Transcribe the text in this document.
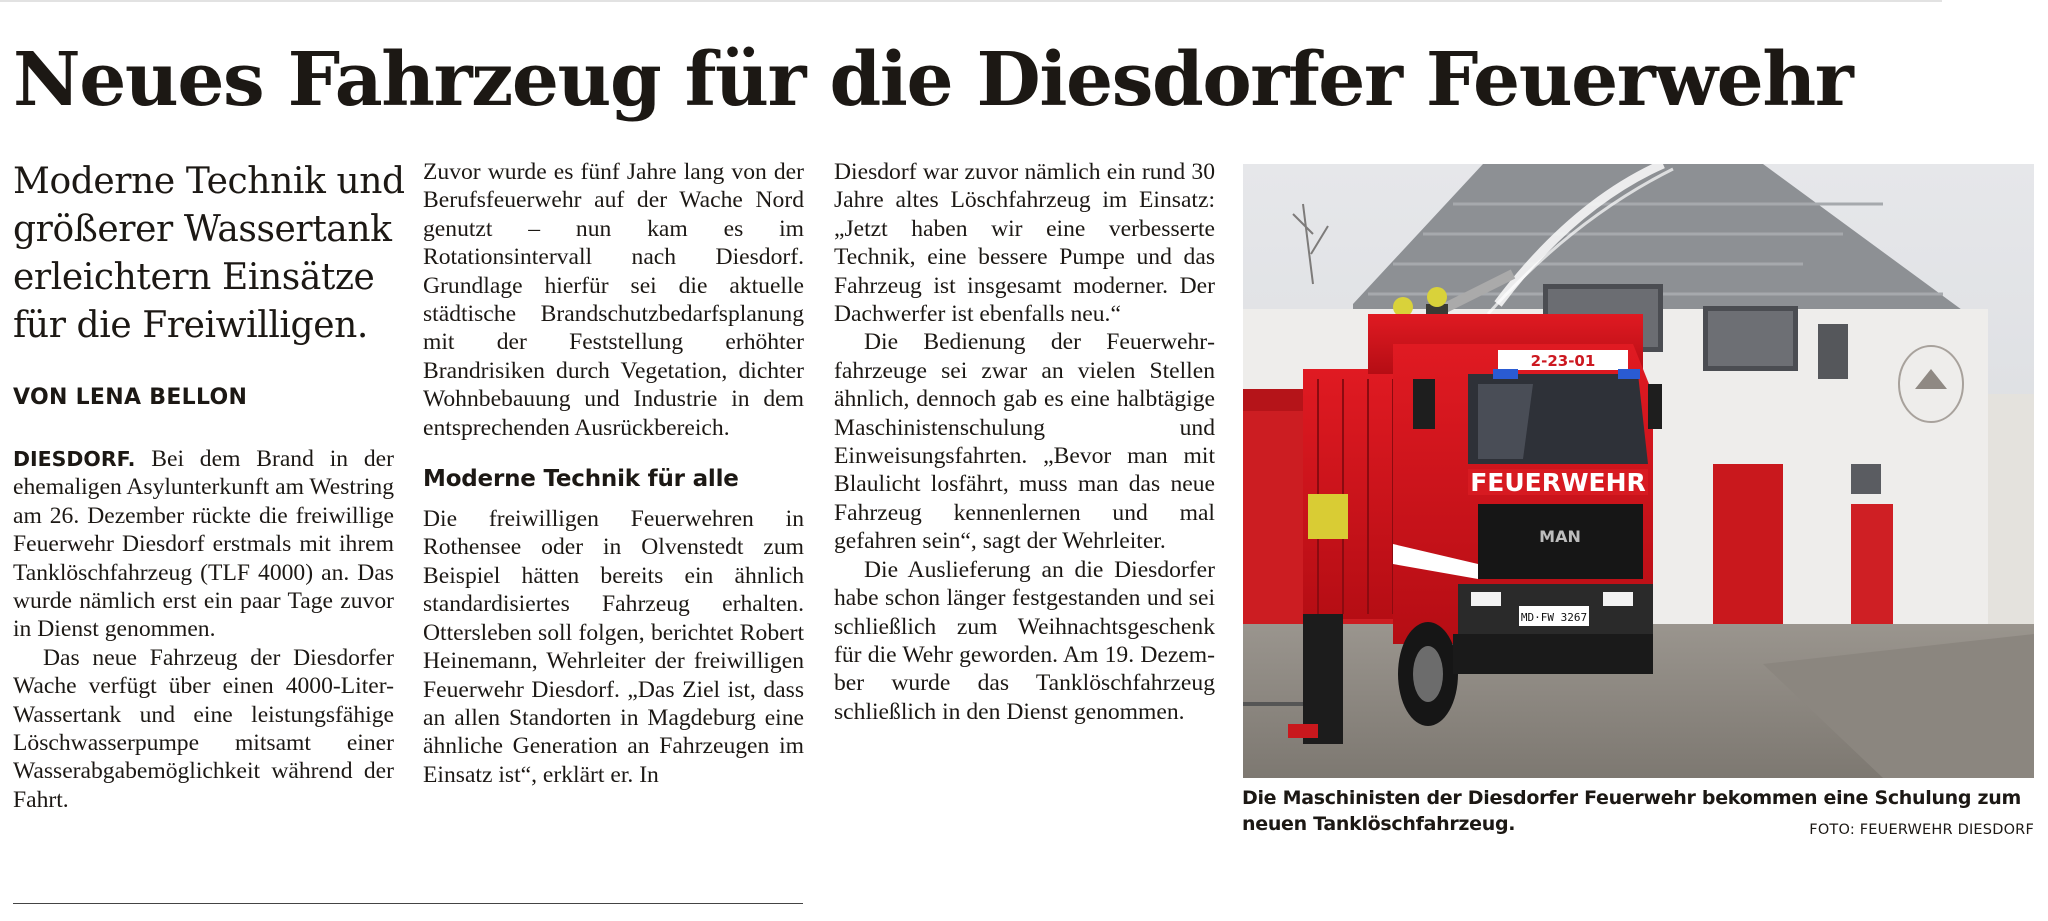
Neues Fahrzeug für die Diesdorfer Feuerwehr
Moderne Technik und
größerer Wassertank
erleichtern Einsätze
für die Freiwilligen.
VON LENA BELLON

DIESDORF. Bei dem Brand in der ehemaligen Asylunterkunft am Westring am 26. Dezember rückte die freiwillige Feuerwehr Diesdorf erstmals mit ihrem Tanklöschfahrzeug (TLF 4000) an. Das wurde nämlich erst ein paar Tage zuvor in Dienst genommen.

Das neue Fahrzeug der Diesdorfer Wache verfügt über einen 4000-Liter-Wassertank und eine leistungsfähige Löschwasserpumpe mitsamt einer Wasserabgabemöglichkeit während der Fahrt.

Zuvor wurde es fünf Jahre lang von der Berufsfeuerwehr auf der Wache Nord genutzt – nun kam es im Rotationsintervall nach Diesdorf. Grundlage hierfür sei die aktuelle städtische Brandschutzbedarfsplanung mit der Feststellung erhöhter Brandrisiken durch Vegetation, dichter Wohnbebauung und Industrie in dem entsprechenden Ausrückbereich.

Moderne Technik für alle

Die freiwilligen Feuerwehren in Rothensee oder in Olvenstedt zum Beispiel hätten bereits ein ähnlich standardisiertes Fahrzeug erhalten. Ottersleben soll folgen, berichtet Robert Heinemann, Wehrleiter der freiwilligen Feuerwehr Diesdorf. „Das Ziel ist, dass an allen Standorten in Magdeburg eine ähnliche Generation an Fahrzeugen im Einsatz ist“, erklärt er. In

Diesdorf war zuvor nämlich ein rund 30 Jahre altes Löschfahrzeug im Einsatz: „Jetzt haben wir eine verbesserte Technik, eine bessere Pumpe und das Fahrzeug ist insgesamt moderner. Der Dachwerfer ist ebenfalls neu.“

Die Bedienung der Feuerwehrfahrzeuge sei zwar an vielen Stellen ähnlich, dennoch gab es eine halbtägige Maschinistenschulung und Einweisungsfahrten. „Bevor man mit Blaulicht losfährt, muss man das neue Fahrzeug kennenlernen und mal gefahren sein“, sagt der Wehrleiter.

Die Auslieferung an die Diesdorfer habe schon länger festgestanden und sei schließlich zum Weihnachtsgeschenk für die Wehr geworden. Am 19. Dezember wurde das Tanklöschfahrzeug schließlich in den Dienst genommen.

2-23-01
FEUERWEHR
MAN
MD·FW 3267
Die Maschinisten der Diesdorfer Feuerwehr bekommen eine Schulung zum neuen Tanklöschfahrzeug.	FOTO: FEUERWEHR DIESDORF
